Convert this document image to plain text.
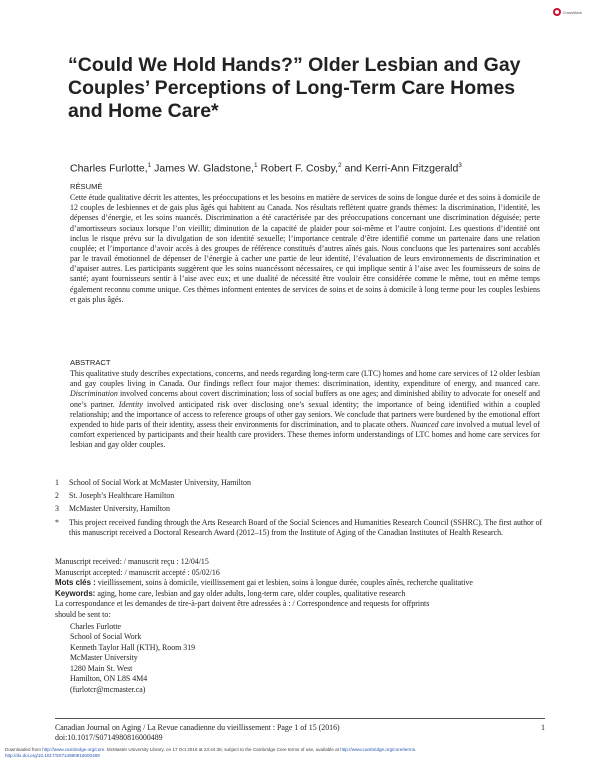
CrossMark
“Could We Hold Hands?” Older Lesbian and Gay Couples’ Perceptions of Long-Term Care Homes and Home Care*
Charles Furlotte,$^1$ James W. Gladstone,$^1$ Robert F. Cosby,$^2$ and Kerri-Ann Fitzgerald$^3$
RÉSUMÉ

Cette étude qualitative décrit les attentes, les préoccupations et les besoins en matière de services de soins de longue durée et des soins à domicile de 12 couples de lesbiennes et de gais plus âgés qui habitent au Canada. Nos résultats reflètent quatre grands thèmes: la discrimination, l’identité, les dépenses d’énergie, et les soins nuancés. Discrimination a été caractérisée par des préoccupations concernant une discrimination déguisée; perte d’amortisseurs sociaux lorsque l’on vieillit; diminution de la capacité de plaider pour soi-même et l’autre conjoint. Les questions d’identité ont inclus le risque prévu sur la divulgation de son identité sexuelle; l’importance centrale d’être identifié comme un partenaire dans une relation couplée; et l’importance d’avoir accès à des groupes de référence constitués d’autres aînés gais. Nous concluons que les partenaires sont accablés par le travail émotionnel de dépenser de l’énergie à cacher une partie de leur identité, l’évaluation de leurs environnements de discrimination et d’apaiser autres. Les participants suggèrent que les soins nuancéssont nécessaires, ce qui implique sentir à l’aise avec les fournisseurs de soins de santé; ayant fournisseurs sentir à l’aise avec eux; et une dualité de nécessité être vouloir être considérée comme le même, tout en même temps également reconnu comme unique. Ces thèmes informent ententes de services de soins et de soins à domicile à long terme pour les couples lesbiens et gais plus âgés.

ABSTRACT

This qualitative study describes expectations, concerns, and needs regarding long-term care (LTC) homes and home care services of 12 older lesbian and gay couples living in Canada. Our findings reflect four major themes: discrimination, identity, expenditure of energy, and nuanced care. Discrimination involved concerns about covert discrimination; loss of social buffers as one ages; and diminished ability to advocate for oneself and one’s partner. Identity involved anticipated risk over disclosing one’s sexual identity; the importance of being identified within a coupled relationship; and the importance of access to reference groups of other gay seniors. We conclude that partners were burdened by the emotional effort expended to hide parts of their identity, assess their environments for discrimination, and to placate others. Nuanced care involved a mutual level of comfort experienced by participants and their health care providers. These themes inform understandings of LTC homes and home care services for lesbian and gay older couples.

1	School of Social Work at McMaster University, Hamilton
2	St. Joseph’s Healthcare Hamilton
3	McMaster University, Hamilton
*	This project received funding through the Arts Research Board of the Social Sciences and Humanities Research Council (SSHRC). The first author of this manuscript received a Doctoral Research Award (2012–15) from the Institute of Aging of the Canadian Institutes of Health Research.
Manuscript received: / manuscrit reçu : 12/04/15
Manuscript accepted: / manuscrit accepté : 05/02/16
Mots clés : vieillissement, soins à domicile, vieillissement gai et lesbien, soins à longue durée, couples aînés, recherche qualitative
Keywords: aging, home care, lesbian and gay older adults, long-term care, older couples, qualitative research
La correspondance et les demandes de tire-à-part doivent être adressées à : / Correspondence and requests for offprints
should be sent to:
Charles Furlotte
School of Social Work
Kenneth Taylor Hall (KTH), Room 319
McMaster University
1280 Main St. West
Hamilton, ON L8S 4M4
(furlotcr@mcmaster.ca)
Canadian Journal on Aging / La Revue canadienne du vieillissement : Page 1 of 15 (2016)
doi:10.1017/S0714980816000489
1
Downloaded from http://www.cambridge.org/core. McMaster University Library, on 17 Oct 2016 at 23:44:36, subject to the Cambridge Core terms of use, available at http://www.cambridge.org/core/terms.
http://dx.doi.org/10.1017/S0714980816000489
